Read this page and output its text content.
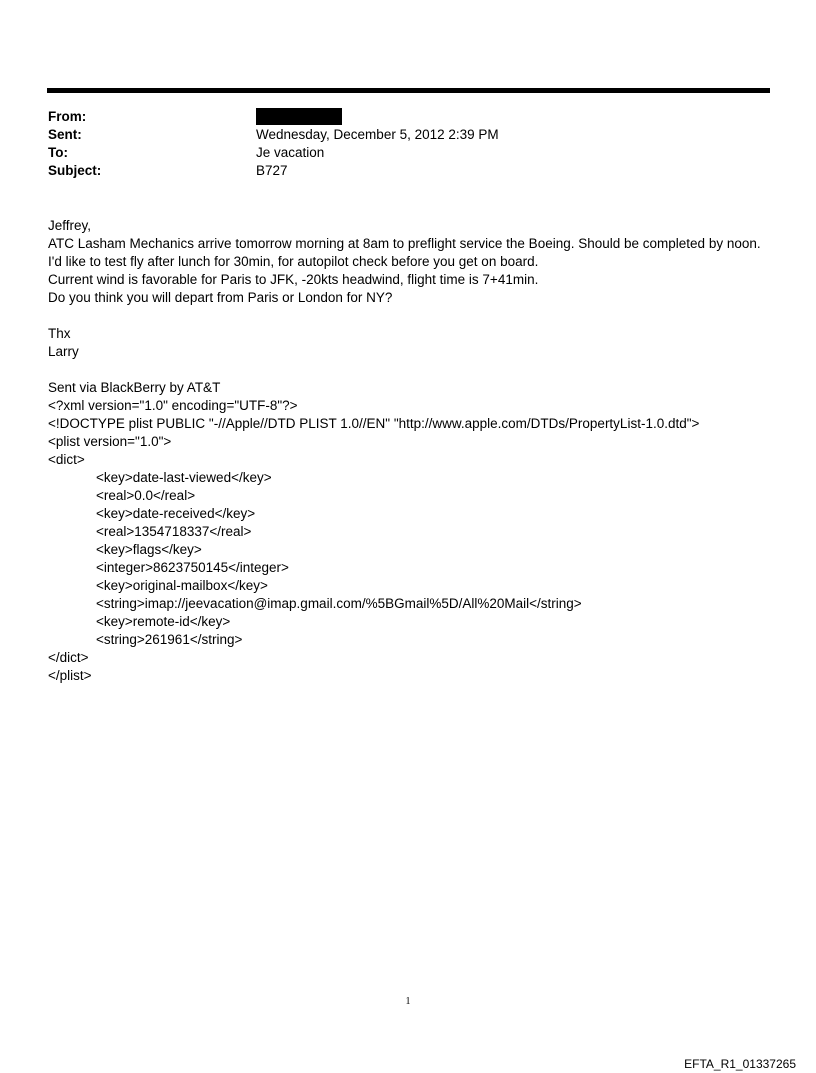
From:
Sent:	Wednesday, December 5, 2012 2:39 PM
To:	Je vacation
Subject:	B727
Jeffrey,
ATC Lasham Mechanics arrive tomorrow morning at 8am to preflight service the Boeing. Should be completed by noon.
I'd like to test fly after lunch for 30min, for autopilot check before you get on board.
Current wind is favorable for Paris to JFK, -20kts headwind, flight time is 7+41min.
Do you think you will depart from Paris or London for NY?
Thx
Larry
Sent via BlackBerry by AT&T
<?xml version="1.0" encoding="UTF-8"?>
<!DOCTYPE plist PUBLIC "-//Apple//DTD PLIST 1.0//EN" "http://www.apple.com/DTDs/PropertyList-1.0.dtd">
<plist version="1.0">
<dict>
<key>date-last-viewed</key>
<real>0.0</real>
<key>date-received</key>
<real>1354718337</real>
<key>flags</key>
<integer>8623750145</integer>
<key>original-mailbox</key>
<string>imap://jeevacation@imap.gmail.com/%5BGmail%5D/All%20Mail</string>
<key>remote-id</key>
<string>261961</string>
</dict>
</plist>
1
EFTA_R1_01337265
